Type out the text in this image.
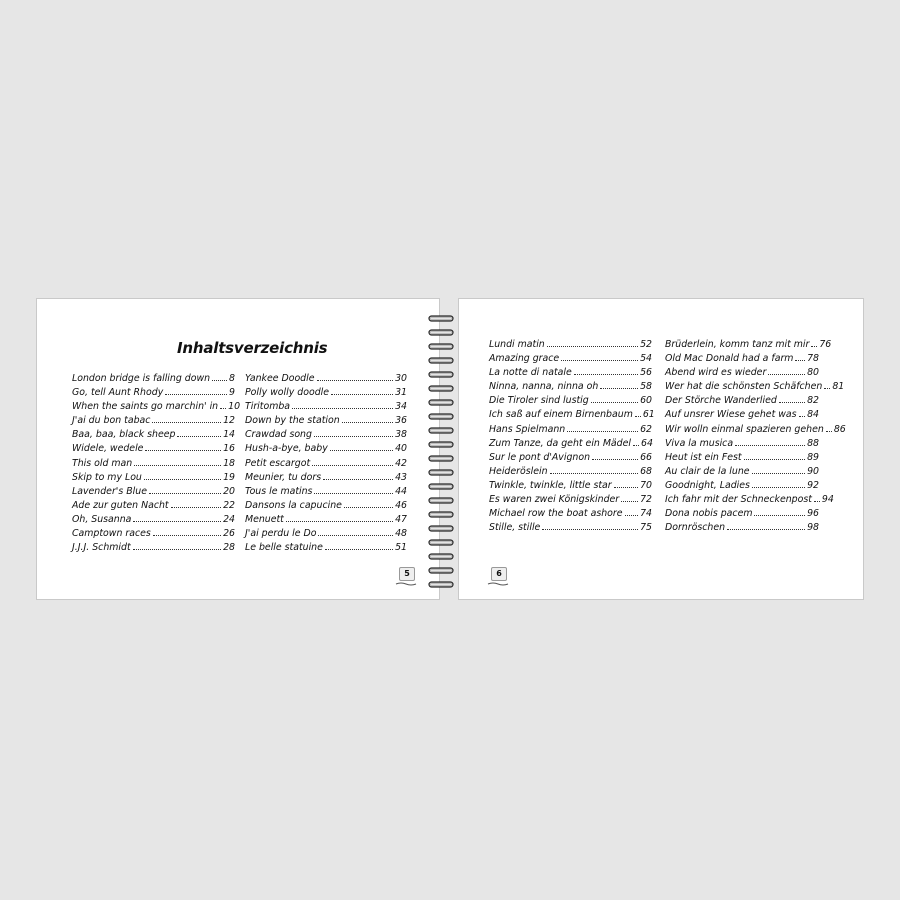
Inhaltsverzeichnis
London bridge is falling down 8
Go, tell Aunt Rhody	9
When the saints go marchin' in 10
J'ai du bon tabac	12
Baa, baa, black sheep	14
Widele, wedele	16
This old man	18
Skip to my Lou	19
Lavender's Blue	20
Ade zur guten Nacht	22
Oh, Susanna	24
Camptown races	26
J.J.J. Schmidt	28
Yankee Doodle	30
Polly wolly doodle	31
Tiritomba	34
Down by the station	36
Crawdad song	38
Hush-a-bye, baby	40
Petit escargot	42
Meunier, tu dors	43
Tous le matins	44
Dansons la capucine	46
Menuett	47
J'ai perdu le Do	48
Le belle statuine	51
5
Lundi matin	52
Amazing grace	54
La notte di natale	56
Ninna, nanna, ninna oh	58
Die Tiroler sind lustig	60
Ich saß auf einem Birnenbaum 61
Hans Spielmann	62
Zum Tanze, da geht ein Mädel 64
Sur le pont d'Avignon	66
Heideröslein	68
Twinkle, twinkle, little star	70
Es waren zwei Königskinder 72
Michael row the boat ashore 74
Stille, stille	75
Brüderlein, komm tanz mit mir 76
Old Mac Donald had a farm 78
Abend wird es wieder	80
Wer hat die schönsten Schäfchen 81
Der Störche Wanderlied	82
Auf unsrer Wiese gehet was 84
Wir wolln einmal spazieren gehen 86
Viva la musica	88
Heut ist ein Fest	89
Au clair de la lune	90
Goodnight, Ladies	92
Ich fahr mit der Schneckenpost 94
Dona nobis pacem	96
Dornröschen	98
6
